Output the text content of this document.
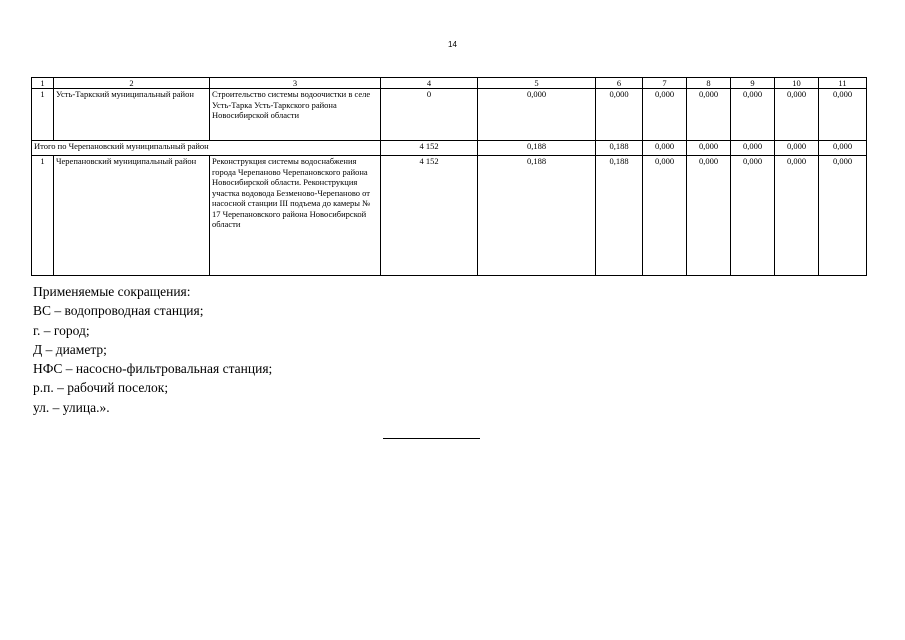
14
1	2	3	4	5	6	7	8	9	10	11
1	Усть-Таркский муниципальный район	Строительство системы водоочистки в селе Усть-Тарка Усть-Таркского района Новосибирской области	0	0,000	0,000	0,000	0,000	0,000	0,000	0,000
Итого по Черепановский муниципальный район			4 152	0,188	0,188	0,000	0,000	0,000	0,000	0,000
1	Черепановский муниципальный район	Реконструкция системы водоснабжения города Черепаново Черепановского района Новосибирской области. Реконструкция участка водовода Безменово-Черепаново от насосной станции III подъема до камеры № 17 Черепановского района Новосибирской области	4 152	0,188	0,188	0,000	0,000	0,000	0,000	0,000
Применяемые сокращения:
ВС – водопроводная станция;
г. – город;
Д – диаметр;
НФС – насосно-фильтровальная станция;
р.п. – рабочий поселок;
ул. – улица.».
